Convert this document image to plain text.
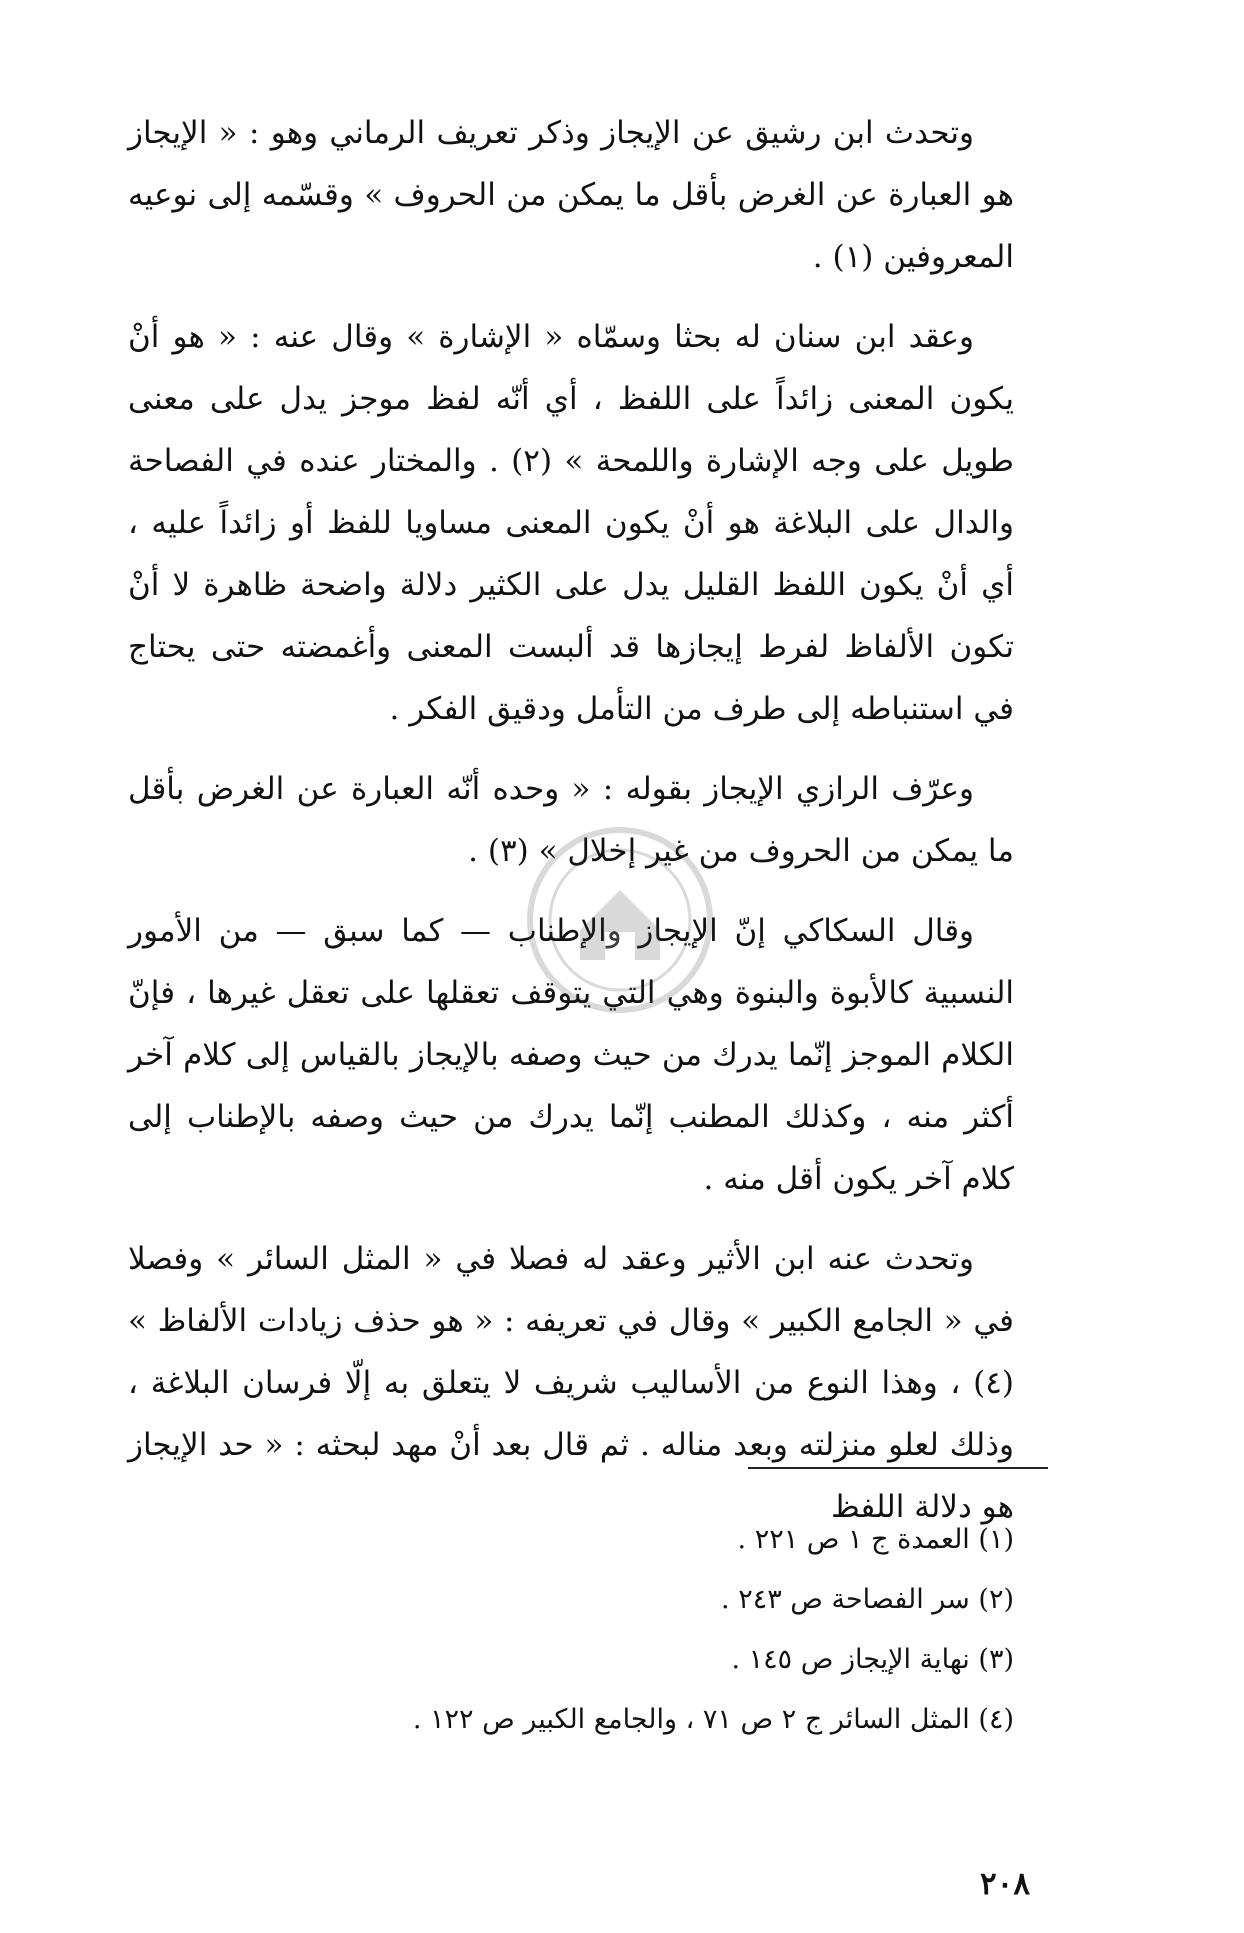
وتحدث ابن رشيق عن الإيجاز وذكر تعريف الرماني وهو : « الإيجاز هو العبارة عن الغرض بأقل ما يمكن من الحروف » وقسّمه إلى نوعيه المعروفين (١) .

وعقد ابن سنان له بحثا وسمّاه « الإشارة » وقال عنه : « هو أنْ يكون المعنى زائداً على اللفظ ، أي أنّه لفظ موجز يدل على معنى طويل على وجه الإشارة واللمحة » (٢) . والمختار عنده في الفصاحة والدال على البلاغة هو أنْ يكون المعنى مساويا للفظ أو زائداً عليه ، أي أنْ يكون اللفظ القليل يدل على الكثير دلالة واضحة ظاهرة لا أنْ تكون الألفاظ لفرط إيجازها قد ألبست المعنى وأغمضته حتى يحتاج في استنباطه إلى طرف من التأمل ودقيق الفكر .

وعرّف الرازي الإيجاز بقوله : « وحده أنّه العبارة عن الغرض بأقل ما يمكن من الحروف من غير إخلال » (٣) .

وقال السكاكي إنّ الإيجاز والإطناب — كما سبق — من الأمور النسبية كالأبوة والبنوة وهي التي يتوقف تعقلها على تعقل غيرها ، فإنّ الكلام الموجز إنّما يدرك من حيث وصفه بالإيجاز بالقياس إلى كلام آخر أكثر منه ، وكذلك المطنب إنّما يدرك من حيث وصفه بالإطناب إلى كلام آخر يكون أقل منه .

وتحدث عنه ابن الأثير وعقد له فصلا في « المثل السائر » وفصلا في « الجامع الكبير » وقال في تعريفه : « هو حذف زيادات الألفاظ » (٤) ، وهذا النوع من الأساليب شريف لا يتعلق به إلّا فرسان البلاغة ، وذلك لعلو منزلته وبعد مناله . ثم قال بعد أنْ مهد لبحثه : « حد الإيجاز هو دلالة اللفظ

(١) العمدة ج ١ ص ٢٢١ .
(٢) سر الفصاحة ص ٢٤٣ .
(٣) نهاية الإيجاز ص ١٤٥ .
(٤) المثل السائر ج ٢ ص ٧١ ، والجامع الكبير ص ١٢٢ .
٢٠٨
